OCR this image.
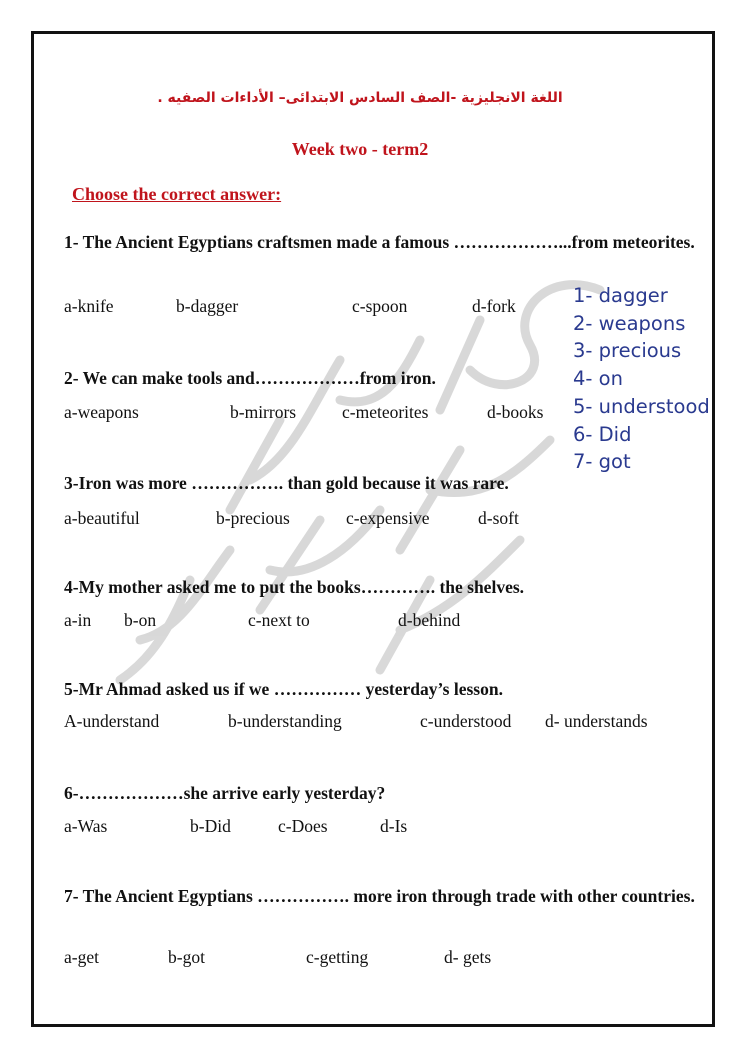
اللغة الانجليزية -الصف السادس الابتدائى– الأداءات الصفيه .
Week two - term2
Choose the correct answer:
1- The Ancient Egyptians craftsmen made a famous ………………...from meteorites.
2- We can make tools and………………from iron.
3-Iron was more ……………. than gold because it was rare.
4-My mother asked me to put the books…………. the shelves.
5-Mr Ahmad asked us if we …………… yesterday’s lesson.
6-………………she arrive early yesterday?
7- The Ancient Egyptians ……………. more iron through trade with other countries.
a-knife	b-dagger	c-spoon	d-fork
a-weapons	b-mirrors	c-meteorites	d-books
a-beautiful	b-precious	c-expensive	d-soft
a-in b-on	c-next to	d-behind
A-understand	b-understanding	c-understood d- understands
a-Was	b-Did	c-Does	d-Is
a-get	b-got	c-getting	d- gets
1- dagger
2- weapons
3- precious
4- on
5- understood
6- Did
7- got
